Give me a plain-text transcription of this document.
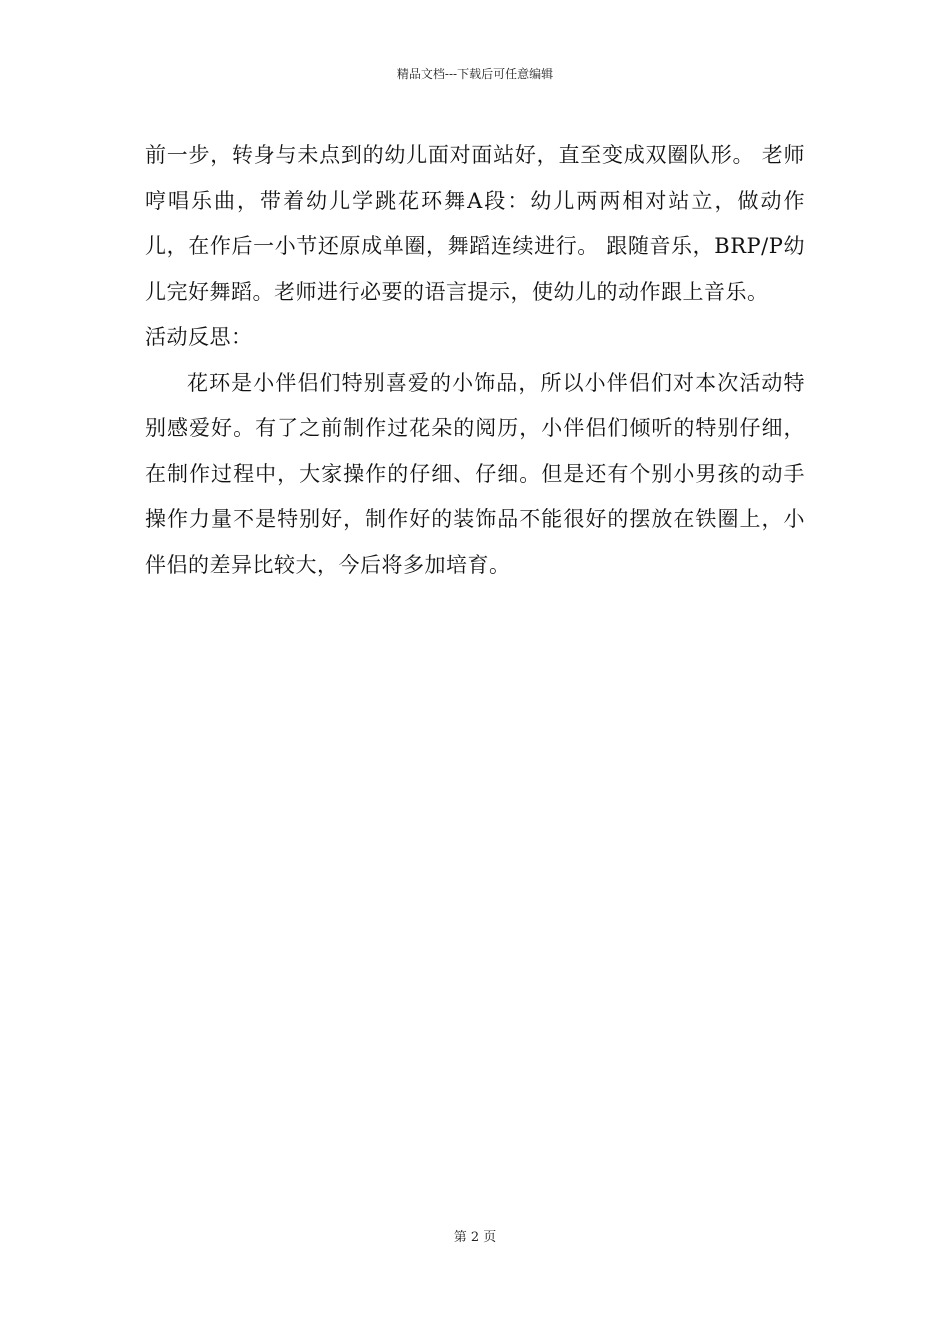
精品文档---下载后可任意编辑

前一步，转身与未点到的幼儿面对面站好，直至变成双圈队形。 老师哼唱乐曲，带着幼儿学跳花环舞A段：幼儿两两相对站立，做动作儿，在作后一小节还原成单圈，舞蹈连续进行。 跟随音乐，BRP/P幼儿完好舞蹈。老师进行必要的语言提示，使幼儿的动作跟上音乐。

活动反思：

花环是小伴侣们特别喜爱的小饰品，所以小伴侣们对本次活动特别感爱好。有了之前制作过花朵的阅历，小伴侣们倾听的特别仔细，在制作过程中，大家操作的仔细、仔细。但是还有个别小男孩的动手操作力量不是特别好，制作好的装饰品不能很好的摆放在铁圈上，小伴侣的差异比较大，今后将多加培育。

第 2 页
